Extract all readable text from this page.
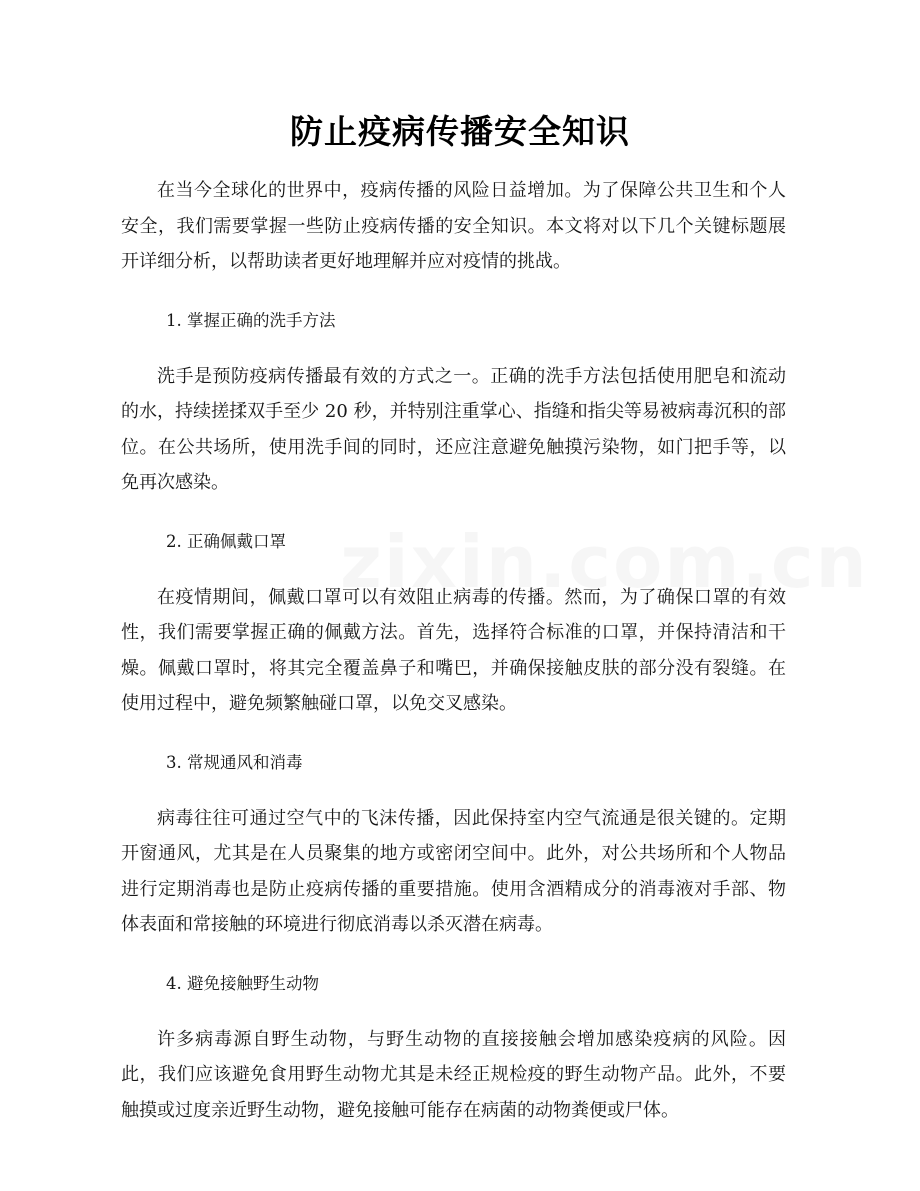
防止疫病传播安全知识

在当今全球化的世界中，疫病传播的风险日益增加。为了保障公共卫生和个人安全，我们需要掌握一些防止疫病传播的安全知识。本文将对以下几个关键标题展开详细分析，以帮助读者更好地理解并应对疫情的挑战。

1. 掌握正确的洗手方法

洗手是预防疫病传播最有效的方式之一。正确的洗手方法包括使用肥皂和流动的水，持续搓揉双手至少 20 秒，并特别注重掌心、指缝和指尖等易被病毒沉积的部位。在公共场所，使用洗手间的同时，还应注意避免触摸污染物，如门把手等，以免再次感染。

2. 正确佩戴口罩

在疫情期间，佩戴口罩可以有效阻止病毒的传播。然而，为了确保口罩的有效性，我们需要掌握正确的佩戴方法。首先，选择符合标准的口罩，并保持清洁和干燥。佩戴口罩时，将其完全覆盖鼻子和嘴巴，并确保接触皮肤的部分没有裂缝。在使用过程中，避免频繁触碰口罩，以免交叉感染。

3. 常规通风和消毒

病毒往往可通过空气中的飞沫传播，因此保持室内空气流通是很关键的。定期开窗通风，尤其是在人员聚集的地方或密闭空间中。此外，对公共场所和个人物品进行定期消毒也是防止疫病传播的重要措施。使用含酒精成分的消毒液对手部、物体表面和常接触的环境进行彻底消毒以杀灭潜在病毒。

4. 避免接触野生动物

许多病毒源自野生动物，与野生动物的直接接触会增加感染疫病的风险。因此，我们应该避免食用野生动物尤其是未经正规检疫的野生动物产品。此外，不要触摸或过度亲近野生动物，避免接触可能存在病菌的动物粪便或尸体。
